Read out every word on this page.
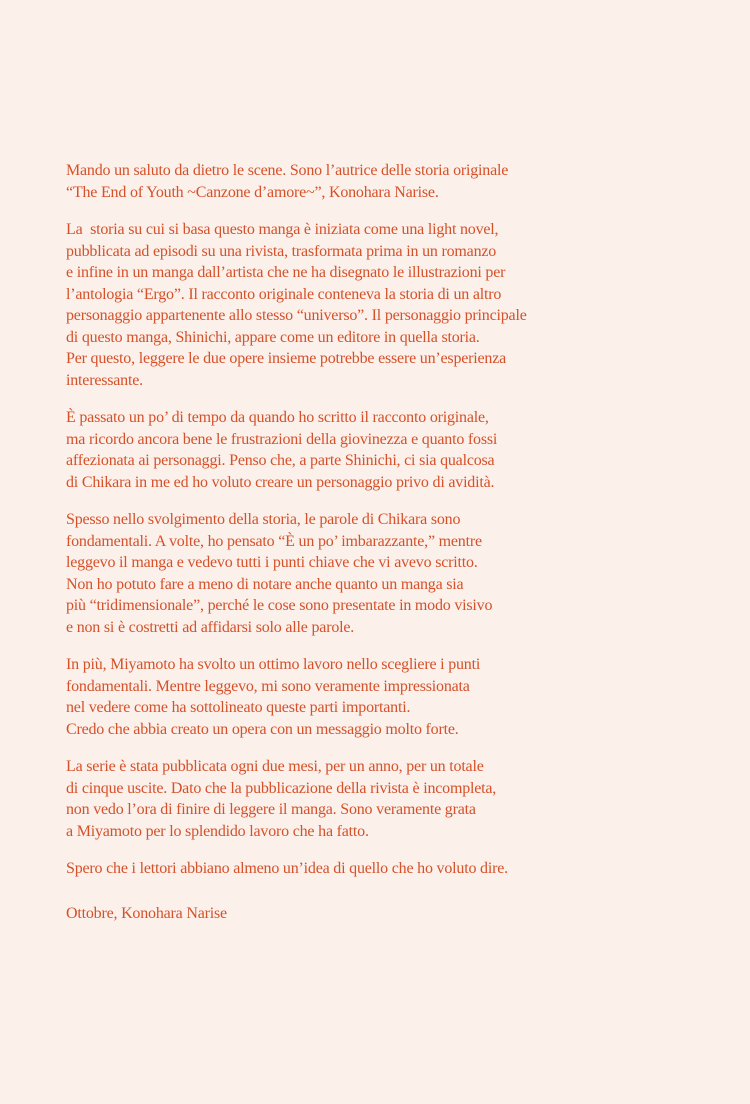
Mando un saluto da dietro le scene. Sono l’autrice delle storia originale
“The End of Youth ~Canzone d’amore~”, Konohara Narise.
La  storia su cui si basa questo manga è iniziata come una light novel,
pubblicata ad episodi su una rivista, trasformata prima in un romanzo
e infine in un manga dall’artista che ne ha disegnato le illustrazioni per
l’antologia “Ergo”. Il racconto originale conteneva la storia di un altro
personaggio appartenente allo stesso “universo”. Il personaggio principale
di questo manga, Shinichi, appare come un editore in quella storia.
Per questo, leggere le due opere insieme potrebbe essere un’esperienza
interessante.
È passato un po’ di tempo da quando ho scritto il racconto originale,
ma ricordo ancora bene le frustrazioni della giovinezza e quanto fossi
affezionata ai personaggi. Penso che, a parte Shinichi, ci sia qualcosa
di Chikara in me ed ho voluto creare un personaggio privo di avidità.
Spesso nello svolgimento della storia, le parole di Chikara sono
fondamentali. A volte, ho pensato “È un po’ imbarazzante,” mentre
leggevo il manga e vedevo tutti i punti chiave che vi avevo scritto.
Non ho potuto fare a meno di notare anche quanto un manga sia
più “tridimensionale”, perché le cose sono presentate in modo visivo
e non si è costretti ad affidarsi solo alle parole.
In più, Miyamoto ha svolto un ottimo lavoro nello scegliere i punti
fondamentali. Mentre leggevo, mi sono veramente impressionata
nel vedere come ha sottolineato queste parti importanti.
Credo che abbia creato un opera con un messaggio molto forte.
La serie è stata pubblicata ogni due mesi, per un anno, per un totale
di cinque uscite. Dato che la pubblicazione della rivista è incompleta,
non vedo l’ora di finire di leggere il manga. Sono veramente grata
a Miyamoto per lo splendido lavoro che ha fatto.
Spero che i lettori abbiano almeno un’idea di quello che ho voluto dire.
Ottobre, Konohara Narise
